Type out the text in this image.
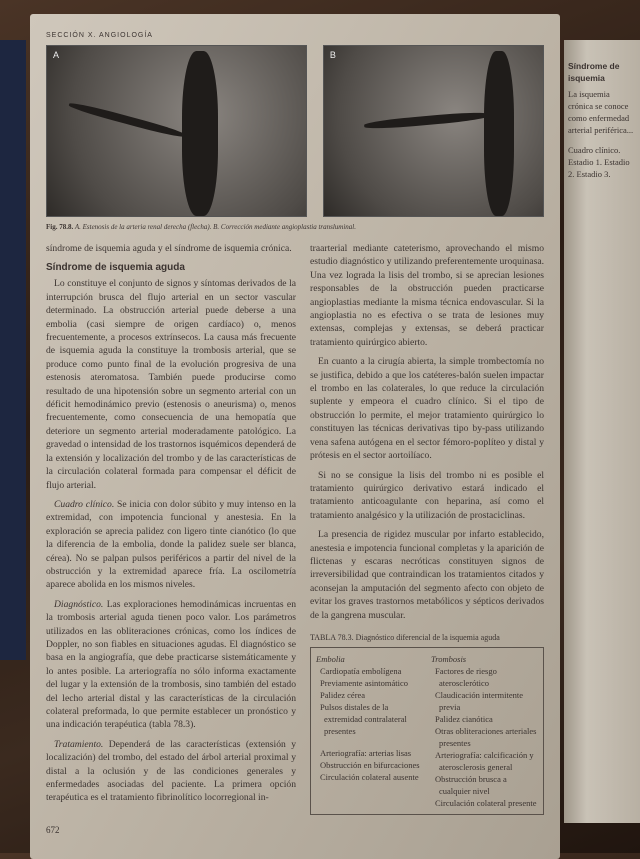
Síndrome de isquemia

La isquemia crónica se conoce como enfermedad arterial periférica...

Cuadro clínico. Estadio 1. Estadio 2. Estadio 3.

SECCIÓN X. ANGIOLOGÍA
A	B
Fig. 78.8. A. Estenosis de la arteria renal derecha (flecha). B. Corrección mediante angioplastia transluminal.

síndrome de isquemia aguda y el síndrome de isquemia crónica.

Síndrome de isquemia aguda

Lo constituye el conjunto de signos y síntomas derivados de la interrupción brusca del flujo arterial en un sector vascular determinado. La obstrucción arterial puede deberse a una embolia (casi siempre de origen cardíaco) o, menos frecuentemente, a procesos extrínsecos. La causa más frecuente de isquemia aguda la constituye la trombosis arterial, que se produce como punto final de la evolución progresiva de una estenosis ateromatosa. También puede producirse como resultado de una hipotensión sobre un segmento arterial con un déficit hemodinámico previo (estenosis o aneurisma) o, menos frecuentemente, como consecuencia de una hemopatía que deteriore un segmento arterial moderadamente patológico. La gravedad o intensidad de los trastornos isquémicos dependerá de la extensión y localización del trombo y de las características de la circulación colateral formada para compensar el déficit de flujo arterial.

Cuadro clínico. Se inicia con dolor súbito y muy intenso en la extremidad, con impotencia funcional y anestesia. En la exploración se aprecia palidez con ligero tinte cianótico (lo que la diferencia de la embolia, donde la palidez suele ser blanca, cérea). No se palpan pulsos periféricos a partir del nivel de la obstrucción y la extremidad aparece fría. La oscilometría aparece abolida en los mismos niveles.

Diagnóstico. Las exploraciones hemodinámicas incruentas en la trombosis arterial aguda tienen poco valor. Los parámetros utilizados en las obliteraciones crónicas, como los índices de Doppler, no son fiables en situaciones agudas. El diagnóstico se basa en la angiografía, que debe practicarse sistemáticamente y lo antes posible. La arteriografía no sólo informa exactamente del lugar y la extensión de la trombosis, sino también del estado del lecho arterial distal y las características de la circulación colateral preformada, lo que permite establecer un pronóstico y una indicación terapéutica (tabla 78.3).

Tratamiento. Dependerá de las características (extensión y localización) del trombo, del estado del árbol arterial proximal y distal a la oclusión y de las condiciones generales y enfermedades asociadas del paciente. La primera opción terapéutica es el tratamiento fibrinolítico locorregional in-

traarterial mediante cateterismo, aprovechando el mismo estudio diagnóstico y utilizando preferentemente uroquinasa. Una vez lograda la lisis del trombo, si se aprecian lesiones responsables de la obstrucción pueden practicarse angioplastias mediante la misma técnica endovascular. Si la angioplastia no es efectiva o se trata de lesiones muy extensas, complejas y extensas, se deberá practicar tratamiento quirúrgico abierto.

En cuanto a la cirugía abierta, la simple trombectomía no se justifica, debido a que los catéteres-balón suelen impactar el trombo en las colaterales, lo que reduce la circulación suplente y empeora el cuadro clínico. Si el tipo de obstrucción lo permite, el mejor tratamiento quirúrgico lo constituyen las técnicas derivativas tipo by-pass utilizando vena safena autógena en el sector fémoro-poplíteo y distal y prótesis en el sector aortoilíaco.

Si no se consigue la lisis del trombo ni es posible el tratamiento quirúrgico derivativo estará indicado el tratamiento anticoagulante con heparina, así como el tratamiento analgésico y la utilización de prostaciclinas.

La presencia de rigidez muscular por infarto establecido, anestesia e impotencia funcional completas y la aparición de flictenas y escaras necróticas constituyen signos de irreversibilidad que contraindican los tratamientos citados y aconsejan la amputación del segmento afecto con objeto de evitar los graves trastornos metabólicos y sépticos derivados de la gangrena muscular.

TABLA 78.3. Diagnóstico diferencial de la isquemia aguda
Embolia
Cardiopatía embolígena
Previamente asintomático
Palidez cérea
Pulsos distales de la extremidad contralateral presentes
Arteriografía: arterias lisas
Obstrucción en bifurcaciones
Circulación colateral ausente
Trombosis
Factores de riesgo aterosclerótico
Claudicación intermitente previa
Palidez cianótica
Otras obliteraciones arteriales presentes
Arteriografía: calcificación y aterosclerosis general
Obstrucción brusca a cualquier nivel
Circulación colateral presente
672
